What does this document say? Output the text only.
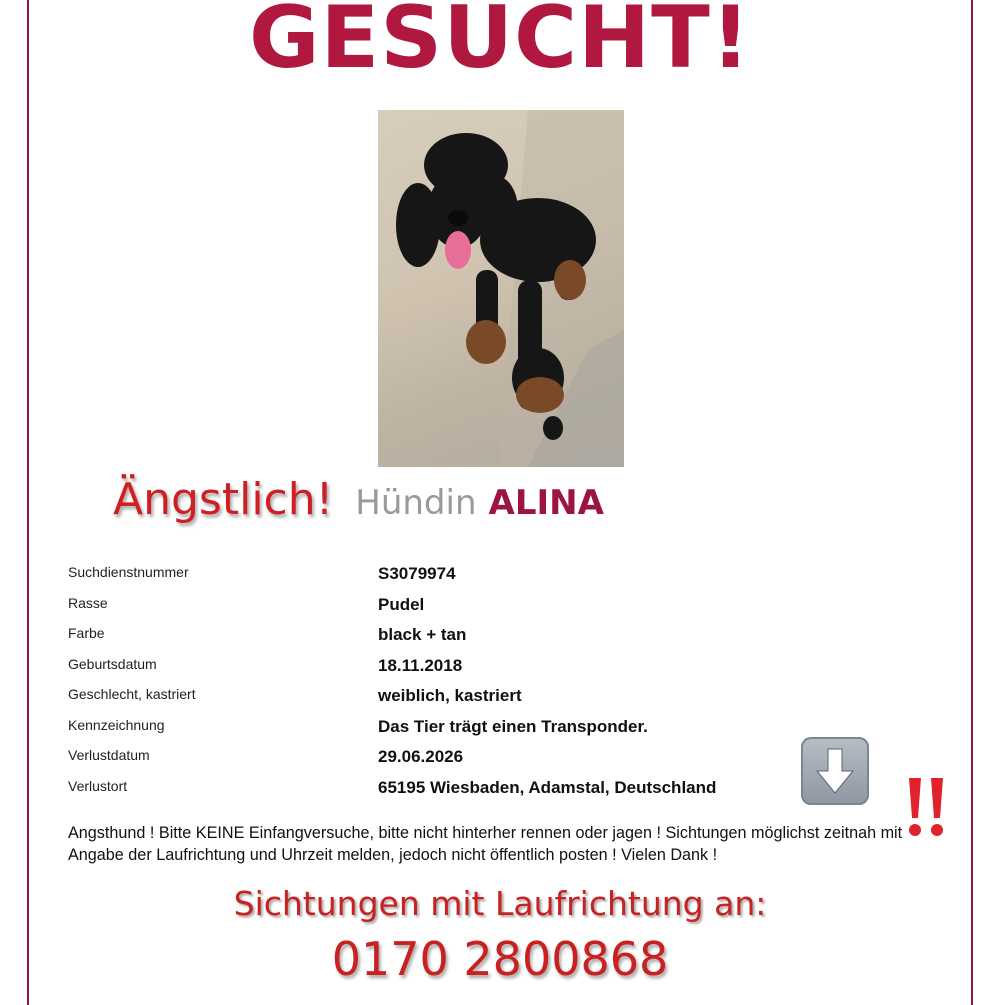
GESUCHT!
Ängstlich! Hündin ALINA
Suchdienstnummer	S3079974
Rasse	Pudel
Farbe	black + tan
Geburtsdatum	18.11.2018
Geschlecht, kastriert	weiblich, kastriert
Kennzeichnung	Das Tier trägt einen Transponder.
Verlustdatum	29.06.2026
Verlustort	65195 Wiesbaden, Adamstal, Deutschland
Angsthund ! Bitte KEINE Einfangversuche, bitte nicht hinterher rennen oder jagen ! Sichtungen möglichst zeitnah mit Angabe der Laufrichtung und Uhrzeit melden, jedoch nicht öffentlich posten ! Vielen Dank !
Sichtungen mit Laufrichtung an:
0170 2800868
